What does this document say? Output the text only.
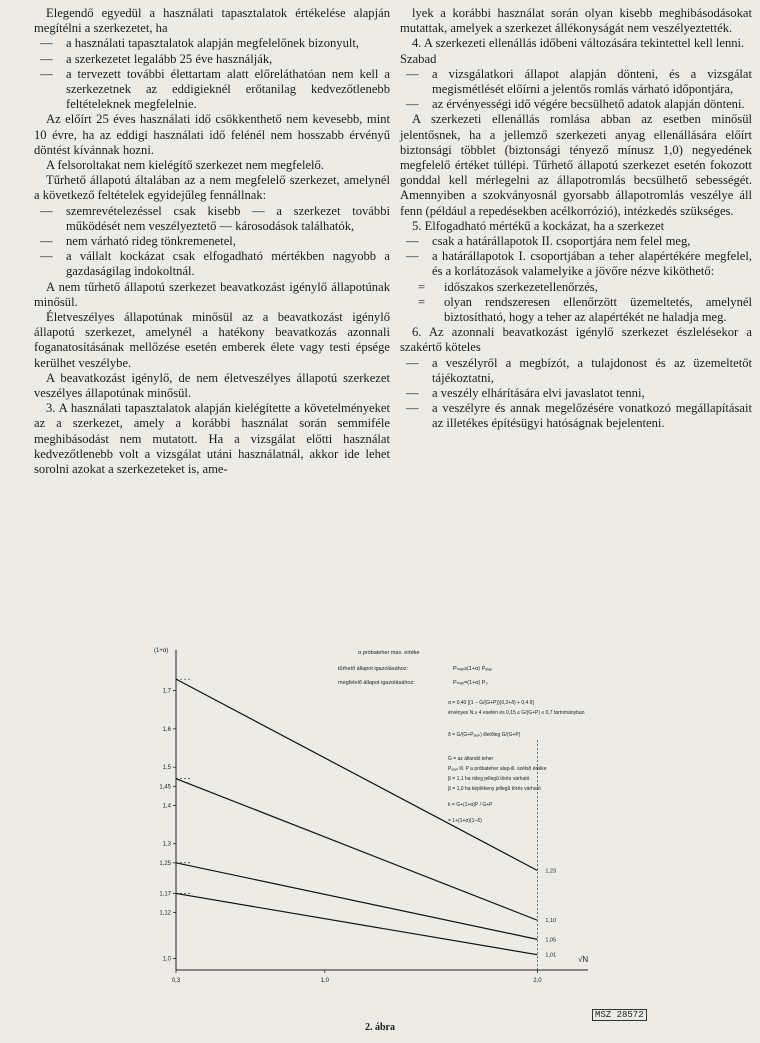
Elegendő egyedül a használati tapasztalatok értékelése alapján megítélni a szerkezetet, ha

— a használati tapasztalatok alapján megfelelőnek bizonyult,
— a szerkezetet legalább 25 éve használják,
— a tervezett további élettartam alatt előreláthatóan nem kell a szerkezetnek az eddigieknél erőtanilag kedvezőtlenebb feltételeknek megfelelnie.

Az előírt 25 éves használati idő csökkenthető nem kevesebb, mint 10 évre, ha az eddigi használati idő felénél nem hosszabb érvényű döntést kívánnak hozni.

A felsoroltakat nem kielégítő szerkezet nem megfelelő.

Tűrhető állapotú általában az a nem megfelelő szerkezet, amelynél a következő feltételek egyidejűleg fennállnak:

— szemrevételezéssel csak kisebb — a szerkezet további működését nem veszélyeztető — károsodások találhatók,
— nem várható rideg tönkremenetel,
— a vállalt kockázat csak elfogadható mértékben nagyobb a gazdaságilag indokoltnál.

A nem tűrhető állapotú szerkezet beavatkozást igénylő állapotúnak minősül.

Életveszélyes állapotúnak minősül az a beavatkozást igénylő állapotú szerkezet, amelynél a hatékony beavatkozás azonnali foganatosításának mellőzése esetén emberek élete vagy testi épsége kerülhet veszélybe.

A beavatkozást igénylő, de nem életveszélyes állapotú szerkezet veszélyes állapotúnak minősül.

3. A használati tapasztalatok alapján kielégítette a követelményeket az a szerkezet, amely a korábbi használat során semmiféle meghibásodást nem mutatott. Ha a vizsgálat előtti használat kedvezőtlenebb volt a vizsgálat utáni használatnál, akkor ide lehet sorolni azokat a szerkezeteket is, ame-

lyek a korábbi használat során olyan kisebb meghibásodásokat mutattak, amelyek a szerkezet állékonyságát nem veszélyeztették.

4. A szerkezeti ellenállás időbeni változására tekintettel kell lenni.

Szabad

— a vizsgálatkori állapot alapján dönteni, és a vizsgálat megismétlését előírni a jelentős romlás várható időpontjára,
— az érvényességi idő végére becsülhető adatok alapján dönteni.

A szerkezeti ellenállás romlása abban az esetben minősül jelentősnek, ha a jellemző szerkezeti anyag ellenállására előírt biztonsági többlet (biztonsági tényező mínusz 1,0) negyedének megfelelő értéket túllépi. Tűrhető állapotú szerkezet esetén fokozott gonddal kell mérlegelni az állapotromlás becsülhető sebességét. Amennyiben a szokványosnál gyorsabb állapotromlás veszélye áll fenn (például a repedésekben acélkorrózió), intézkedés szükséges.

5. Elfogadható mértékű a kockázat, ha a szerkezet

— csak a határállapotok II. csoportjára nem felel meg,
— a határállapotok I. csoportjában a teher alapértékére megfelel, és a korlátozások valamelyike a jövőre nézve kiköthető:
= időszakos szerkezetellenőrzés,
= olyan rendszeresen ellenőrzött üzemeltetés, amelynél biztosítható, hogy a teher az alapértékét ne haladja meg.

6. Az azonnali beavatkozást igénylő szerkezet észlelésekor a szakértő köteles

— a veszélyről a megbízót, a tulajdonost és az üzemeltetőt tájékoztatni,
— a veszély elhárítására elvi javaslatot tenni,
— a veszélyre és annak megelőzésére vonatkozó megállapításait az illetékes építésügyi hatóságnak bejelenteni.
(1+α)
√N
1,0
1,12
1,17
1,25
1,3
1,4
1,45
1,5
1,6
1,7
0,3	1,0	2,0
1,23
1,10
1,05
1,01
α próbateher max. értéke
tűrhető állapot igazolásához:	Pₘₐₓ≥(1+α) Pₐₗₐₚ
megfelelő állapot igazolásához:	Pₘₐₓ=(1+α) P₀
α = 0,40 [(1 − G/(G+P))(0,2+δ) + 0,4 δ]
érvényes N ≥ 4 esetén és 0,15 ≤ G/(G+P) ≤ 0,7 tartományban
δ = G/(G+Pₐₗₐₚ) illetőleg G/(G+P)
G = az állandó teher
Pₐₗₐₚ ill. P a próbateher alap-ill. szélső értéke
β = 1,1 ha rideg jellegű törés várható
β = 1,0 ha képlékeny jellegű törés várható
k = G+(1+α)P / G+P
= 1+(1+α)(1−δ)
MSZ 28572
2. ábra
